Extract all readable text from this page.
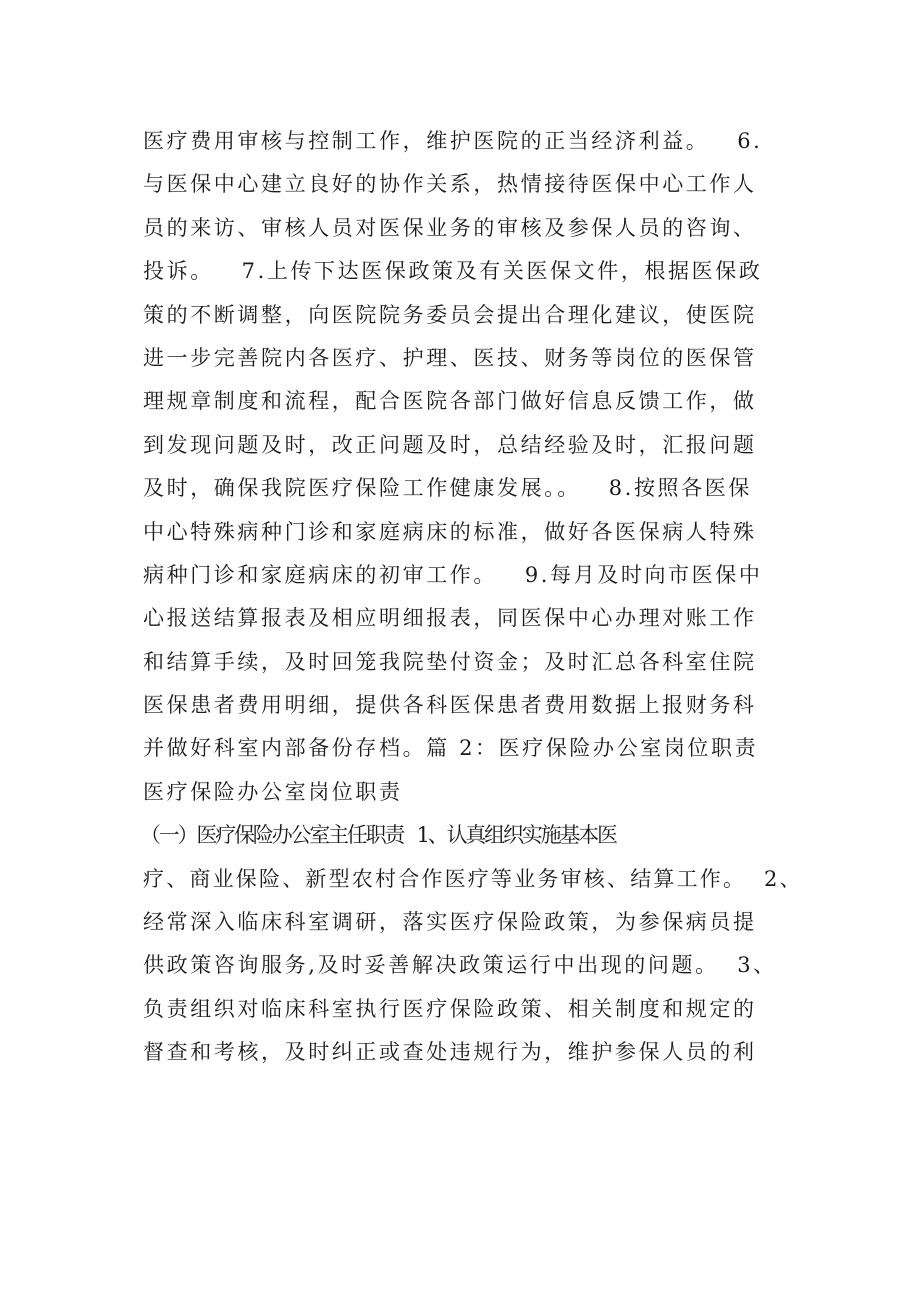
医疗费用审核与控制工作，维护医院的正当经济利益。   6.
与医保中心建立良好的协作关系，热情接待医保中心工作人
员的来访、审核人员对医保业务的审核及参保人员的咨询、
投诉。   7.上传下达医保政策及有关医保文件，根据医保政
策的不断调整，向医院院务委员会提出合理化建议，使医院
进一步完善院内各医疗、护理、医技、财务等岗位的医保管
理规章制度和流程，配合医院各部门做好信息反馈工作，做
到发现问题及时，改正问题及时，总结经验及时，汇报问题
及时，确保我院医疗保险工作健康发展。。   8.按照各医保
中心特殊病种门诊和家庭病床的标准，做好各医保病人特殊
病种门诊和家庭病床的初审工作。   9.每月及时向市医保中
心报送结算报表及相应明细报表，同医保中心办理对账工作
和结算手续，及时回笼我院垫付资金；及时汇总各科室住院
医保患者费用明细，提供各科医保患者费用数据上报财务科
并做好科室内部备份存档。篇 2：医疗保险办公室岗位职责
医疗保险办公室岗位职责
（一）医疗保险办公室主任职责   1、认真组织实施基本医
疗、商业保险、新型农村合作医疗等业务审核、结算工作。  2、
经常深入临床科室调研，落实医疗保险政策，为参保病员提
供政策咨询服务,及时妥善解决政策运行中出现的问题。  3、
负责组织对临床科室执行医疗保险政策、相关制度和规定的
督查和考核，及时纠正或查处违规行为，维护参保人员的利
